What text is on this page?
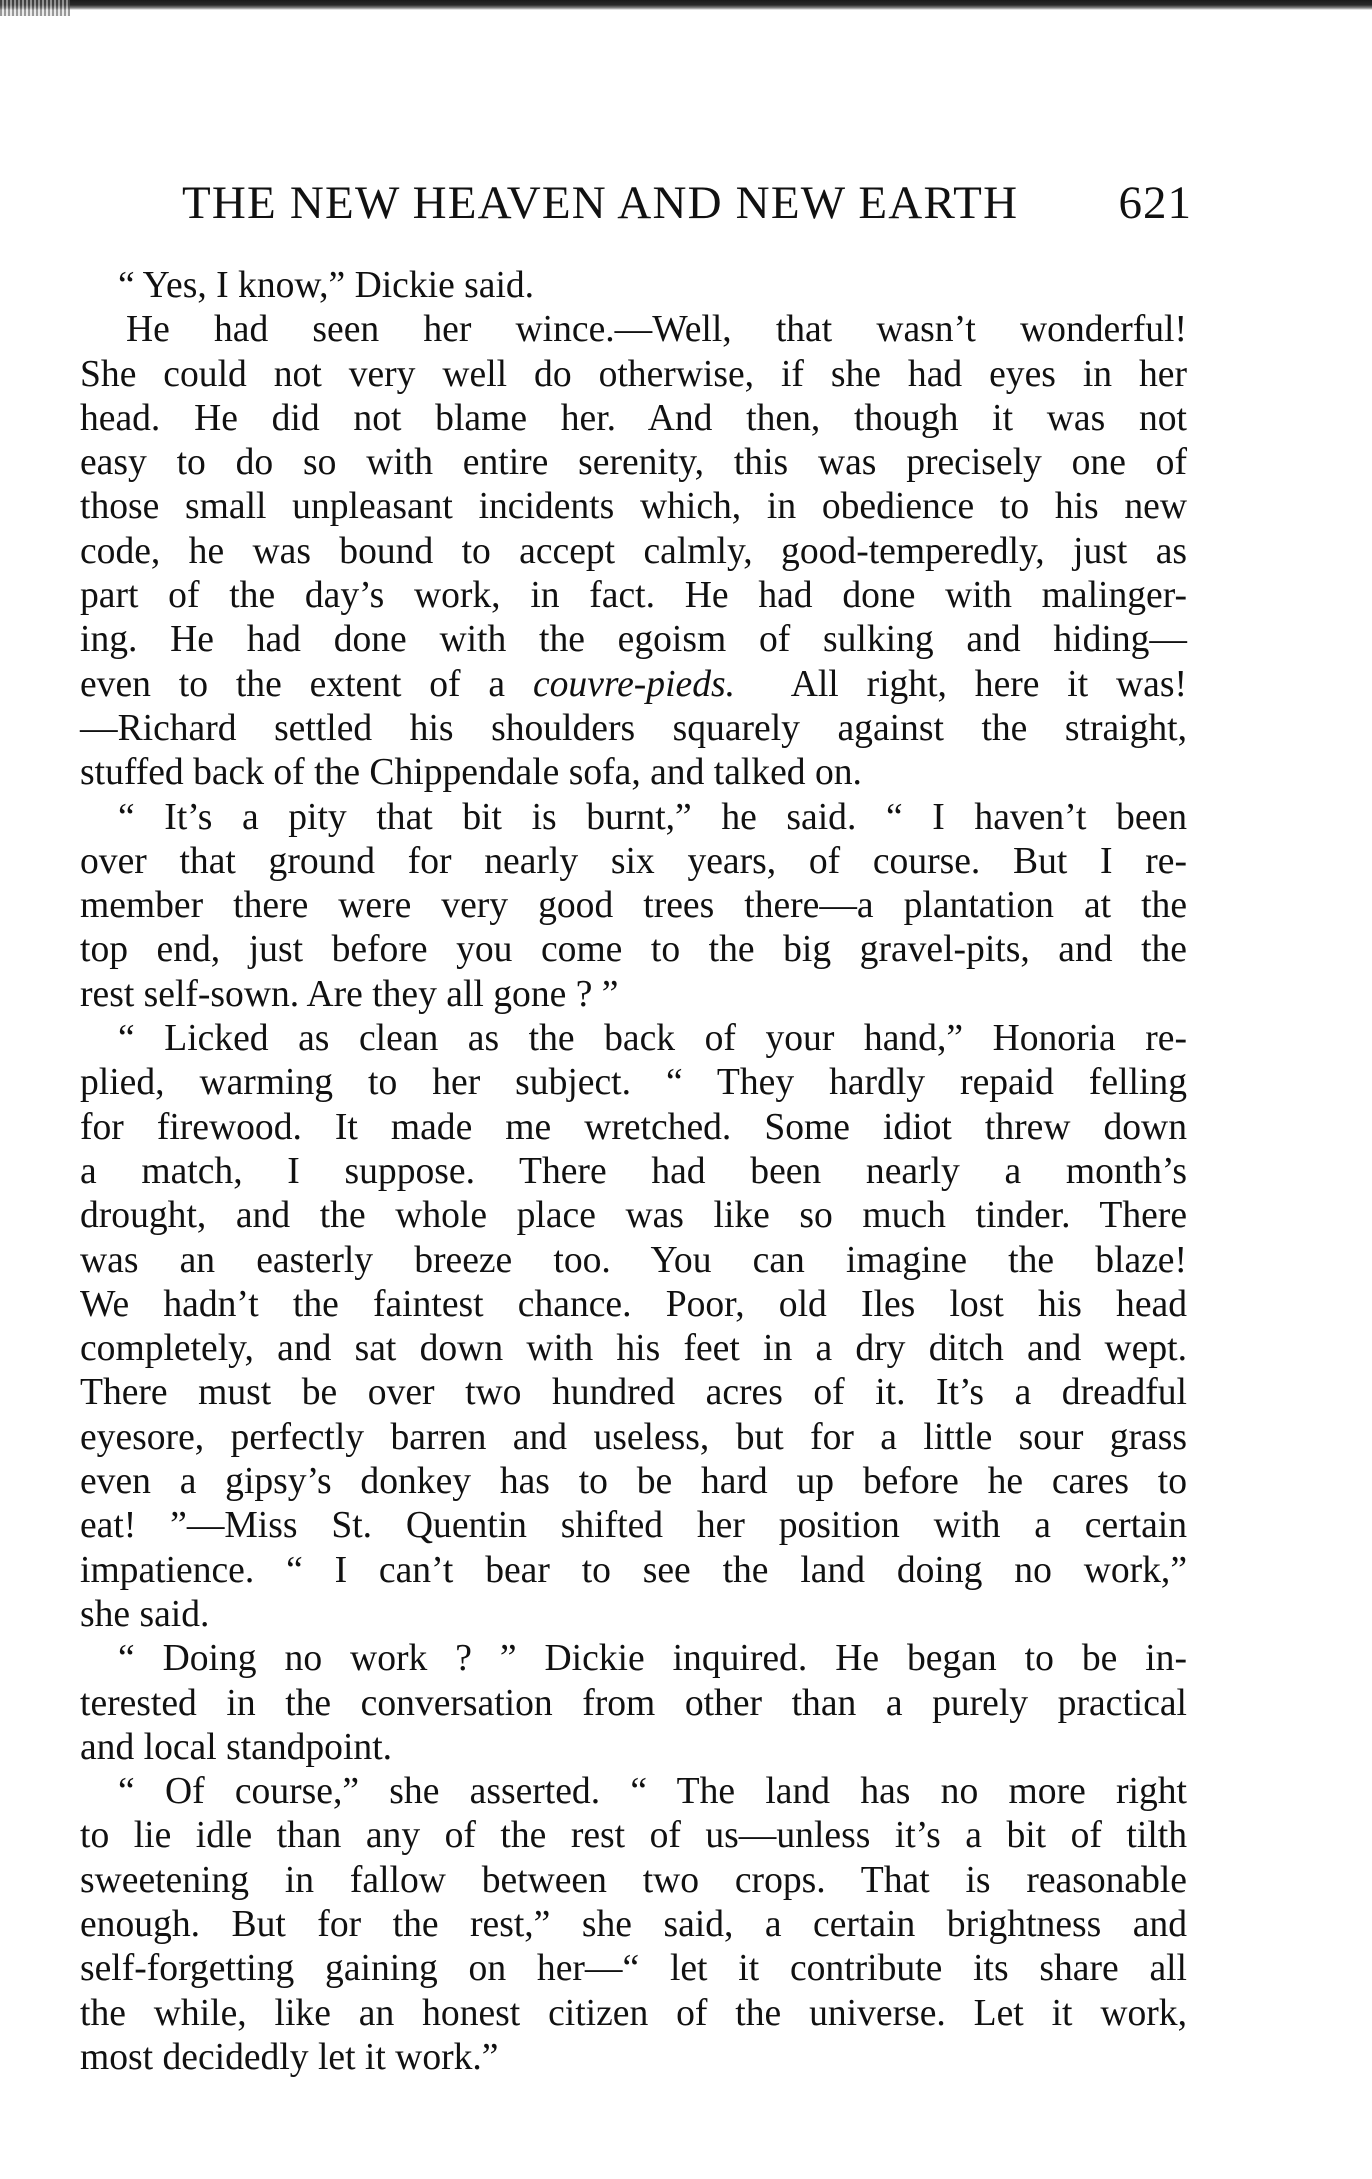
THE NEW HEAVEN AND NEW EARTH 621
“ Yes, I know,” Dickie said.
He had seen her wince.—Well, that wasn’t wonderful!
She could not very well do otherwise, if she had eyes in her
head. He did not blame her. And then, though it was not
easy to do so with entire serenity, this was precisely one of
those small unpleasant incidents which, in obedience to his new
code, he was bound to accept calmly, good-temperedly, just as
part of the day’s work, in fact. He had done with malinger-
ing. He had done with the egoism of sulking and hiding—
even to the extent of a couvre-pieds. All right, here it was!
—Richard settled his shoulders squarely against the straight,
stuffed back of the Chippendale sofa, and talked on.
“ It’s a pity that bit is burnt,” he said. “ I haven’t been
over that ground for nearly six years, of course. But I re-
member there were very good trees there—a plantation at the
top end, just before you come to the big gravel-pits, and the
rest self-sown. Are they all gone ? ”
“ Licked as clean as the back of your hand,” Honoria re-
plied, warming to her subject. “ They hardly repaid felling
for firewood. It made me wretched. Some idiot threw down
a match, I suppose. There had been nearly a month’s
drought, and the whole place was like so much tinder. There
was an easterly breeze too. You can imagine the blaze!
We hadn’t the faintest chance. Poor, old Iles lost his head
completely, and sat down with his feet in a dry ditch and wept.
There must be over two hundred acres of it. It’s a dreadful
eyesore, perfectly barren and useless, but for a little sour grass
even a gipsy’s donkey has to be hard up before he cares to
eat! ”—Miss St. Quentin shifted her position with a certain
impatience. “ I can’t bear to see the land doing no work,”
she said.
“ Doing no work ? ” Dickie inquired. He began to be in-
terested in the conversation from other than a purely practical
and local standpoint.
“ Of course,” she asserted. “ The land has no more right
to lie idle than any of the rest of us—unless it’s a bit of tilth
sweetening in fallow between two crops. That is reasonable
enough. But for the rest,” she said, a certain brightness and
self-forgetting gaining on her—“ let it contribute its share all
the while, like an honest citizen of the universe. Let it work,
most decidedly let it work.”
